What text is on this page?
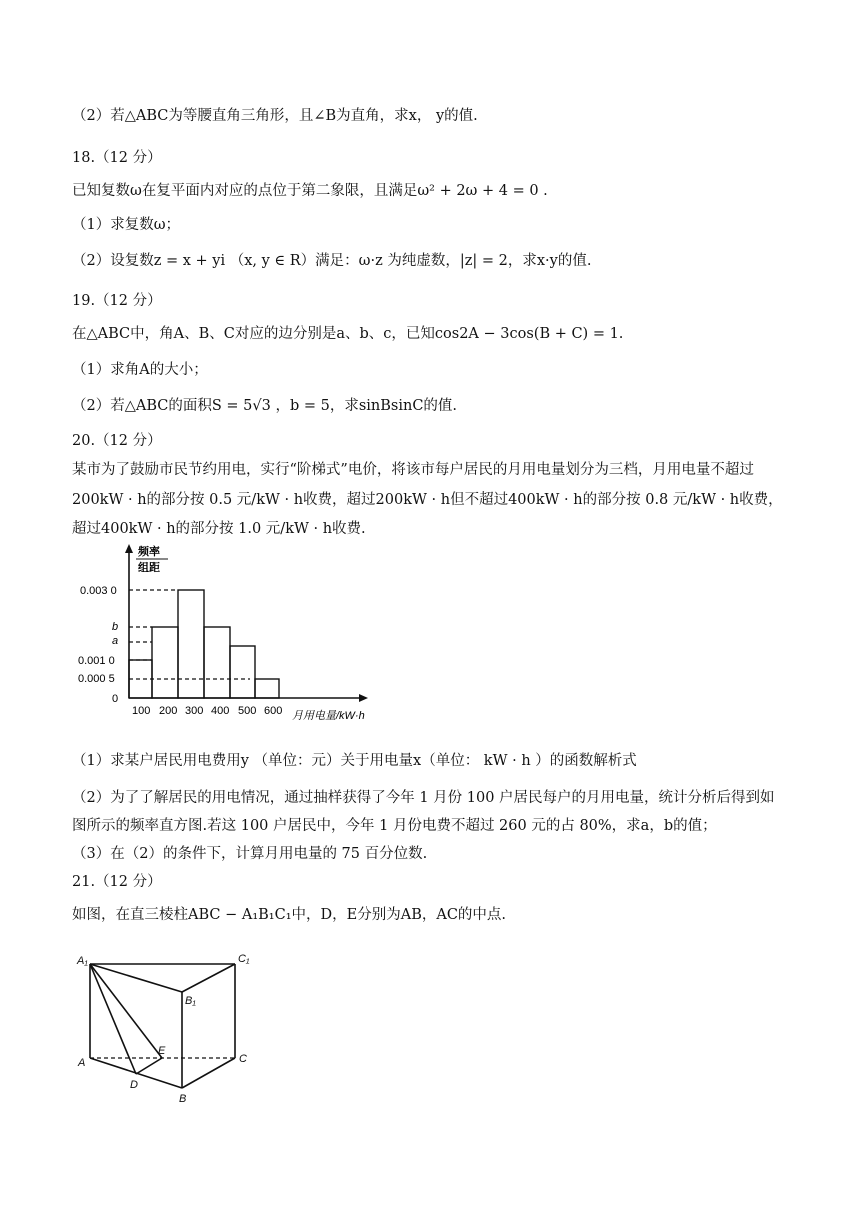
（2）若△ABC为等腰直角三角形，且∠B为直角，求x， y的值.
18.（12 分）
已知复数ω在复平面内对应的点位于第二象限，且满足ω² + 2ω + 4 = 0 .
（1）求复数ω；
（2）设复数z = x + yi （x, y ∈ R）满足：ω·z 为纯虚数，|z| = 2，求x·y的值.
19.（12 分）
在△ABC中，角A、B、C对应的边分别是a、b、c，已知cos2A − 3cos(B + C) = 1.
（1）求角A的大小；
（2）若△ABC的面积S = 5√3 ，b = 5，求sinBsinC的值.
20.（12 分）
某市为了鼓励市民节约用电，实行“阶梯式”电价，将该市每户居民的月用电量划分为三档，月用电量不超过
200kW · h的部分按 0.5 元/kW · h收费，超过200kW · h但不超过400kW · h的部分按 0.8 元/kW · h收费，
超过400kW · h的部分按 1.0 元/kW · h收费.
频率
组距
0.003 0
b
a
0.001 0
0.000 5
0
100 200 300 400 500 600 月用电量/kW·h
（1）求某户居民用电费用y （单位：元）关于用电量x（单位： kW · h ）的函数解析式
（2）为了了解居民的用电情况，通过抽样获得了今年 1 月份 100 户居民每户的月用电量，统计分析后得到如
图所示的频率直方图.若这 100 户居民中，今年 1 月份电费不超过 260 元的占 80%，求a，b的值；
（3）在（2）的条件下，计算月用电量的 75 百分位数.
21.（12 分）
如图，在直三棱柱ABC − A₁B₁C₁中，D，E分别为AB，AC的中点.
A₁	C₁
B₁
A
E
C
D
B
